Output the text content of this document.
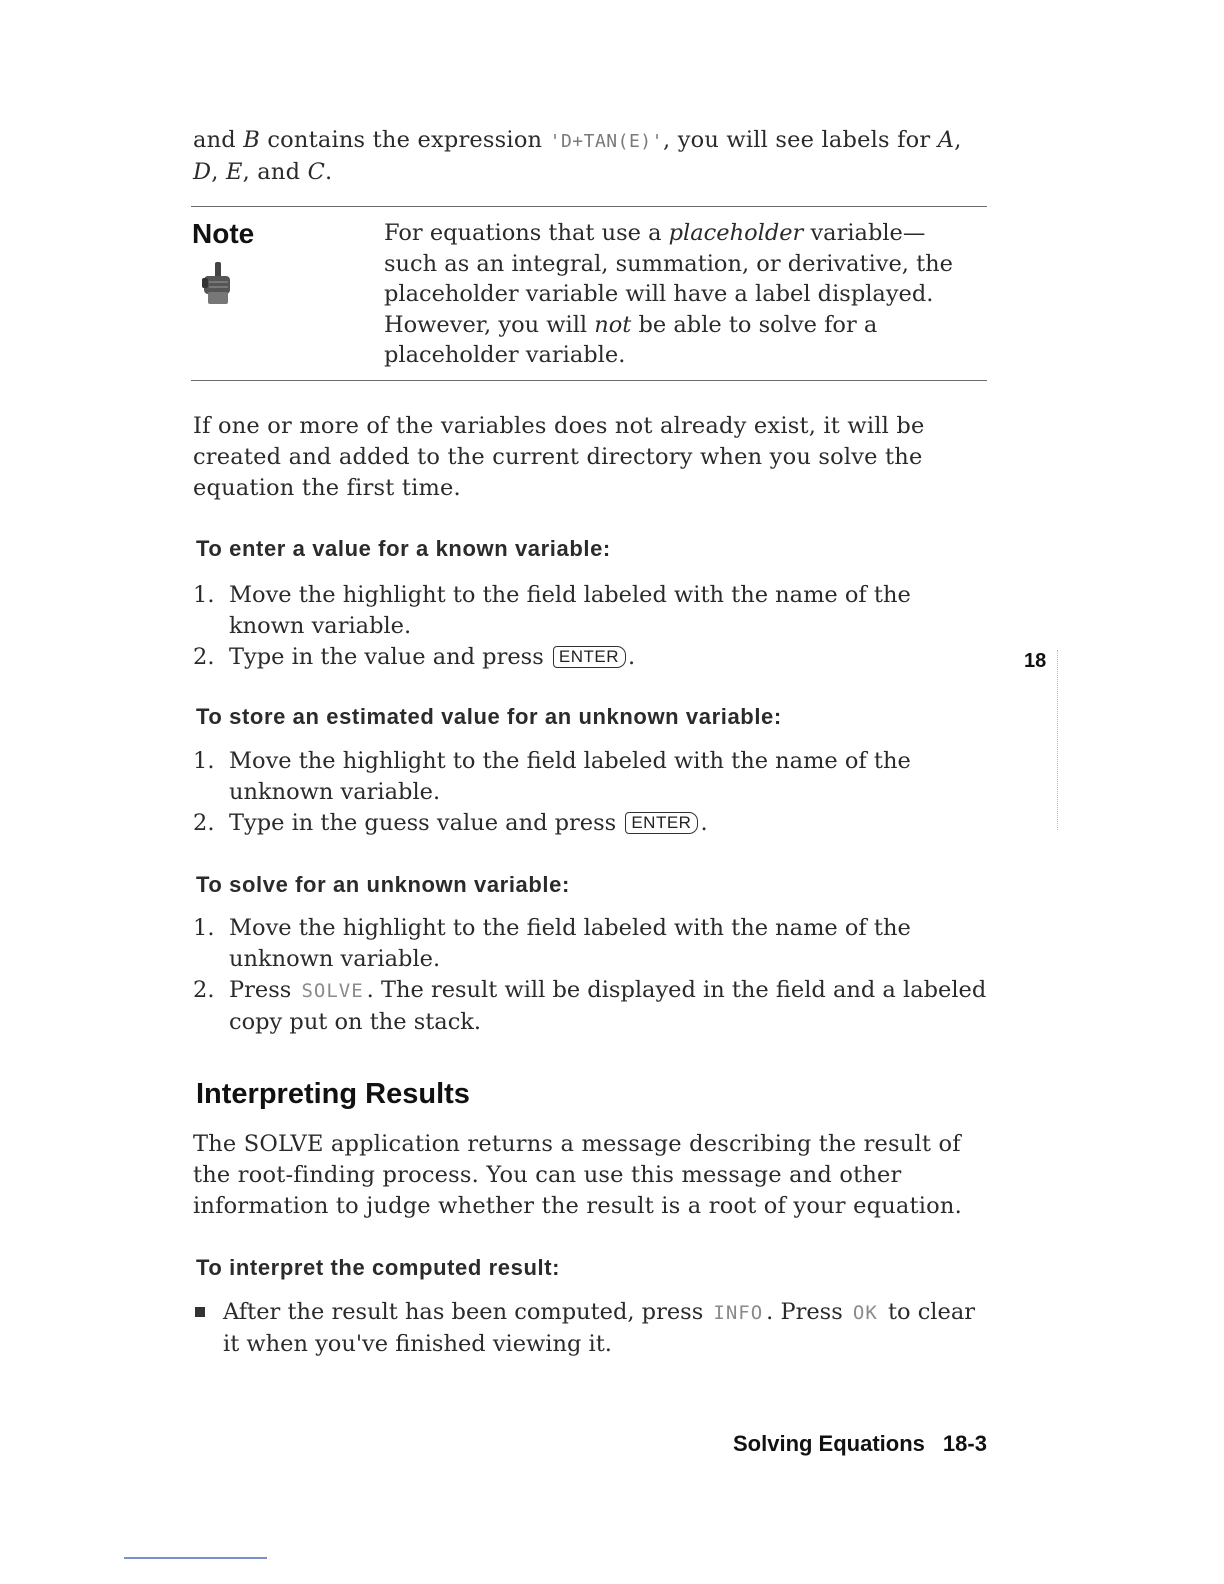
and B contains the expression 'D+TAN(E)', you will see labels for A,

D, E, and C.

Note	For equations that use a placeholder variable— such as an integral, summation, or derivative, the placeholder variable will have a label displayed. However, you will not be able to solve for a placeholder variable.

If one or more of the variables does not already exist, it will be created and added to the current directory when you solve the equation the first time.

To enter a value for a known variable:
1. Move the highlight to the field labeled with the name of the known variable.
2. Type in the value and press ENTER .
To store an estimated value for an unknown variable:
1. Move the highlight to the field labeled with the name of the unknown variable.
2. Type in the guess value and press ENTER .
To solve for an unknown variable:
1. Move the highlight to the field labeled with the name of the unknown variable.
2. Press SOLVE . The result will be displayed in the field and a labeled copy put on the stack.
Interpreting Results

The SOLVE application returns a message describing the result of the root-finding process. You can use this message and other information to judge whether the result is a root of your equation.

To interpret the computed result:
After the result has been computed, press INFO . Press OK to clear it when you've finished viewing it.
18
Solving Equations 18-3
